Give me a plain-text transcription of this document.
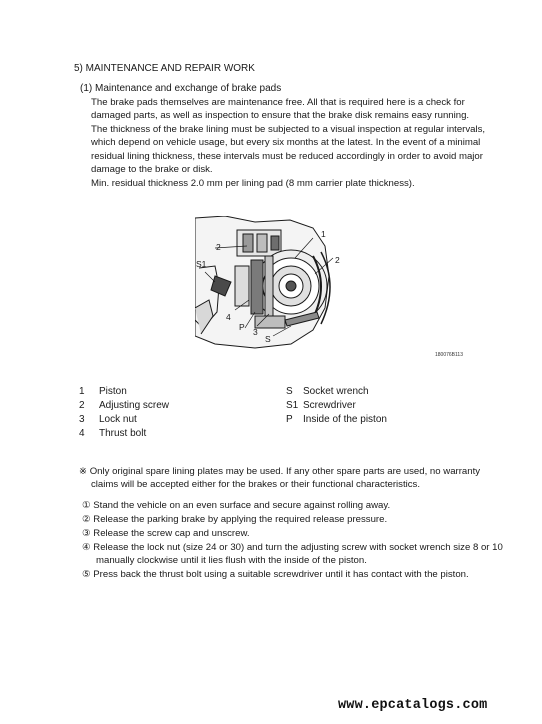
5) MAINTENANCE AND REPAIR WORK
(1) Maintenance and exchange of brake pads
The brake pads themselves are maintenance free. All that is required here is a check for
damaged parts, as well as inspection to ensure that the brake disk remains easy running.
The thickness of the brake lining must be subjected to a visual inspection at regular intervals,
which depend on vehicle usage, but every six months at the latest. In the event of a minimal
residual lining thickness, these intervals must be reduced accordingly in order to avoid major
damage to the brake or disk.
Min. residual thickness 2.0 mm per lining pad (8 mm carrier plate thickness).
1
2
2
S1
4
P 3
S
180076B113
1 Piston
2 Adjusting screw
3 Lock nut
4 Thrust bolt
S Socket wrench
S1 Screwdriver
P Inside of the piston
※ Only original spare lining plates may be used. If any other spare parts are used, no warranty
claims will be accepted either for the brakes or their functional characteristics.
① Stand the vehicle on an even surface and secure against rolling away.
② Release the parking brake by applying the required release pressure.
③ Release the screw cap and unscrew.
④ Release the lock nut (size 24 or 30) and turn the adjusting screw with socket wrench size 8 or 10
manually clockwise until it lies flush with the inside of the piston.
⑤ Press back the thrust bolt using a suitable screwdriver until it has contact with the piston.
www.epcatalogs.com
